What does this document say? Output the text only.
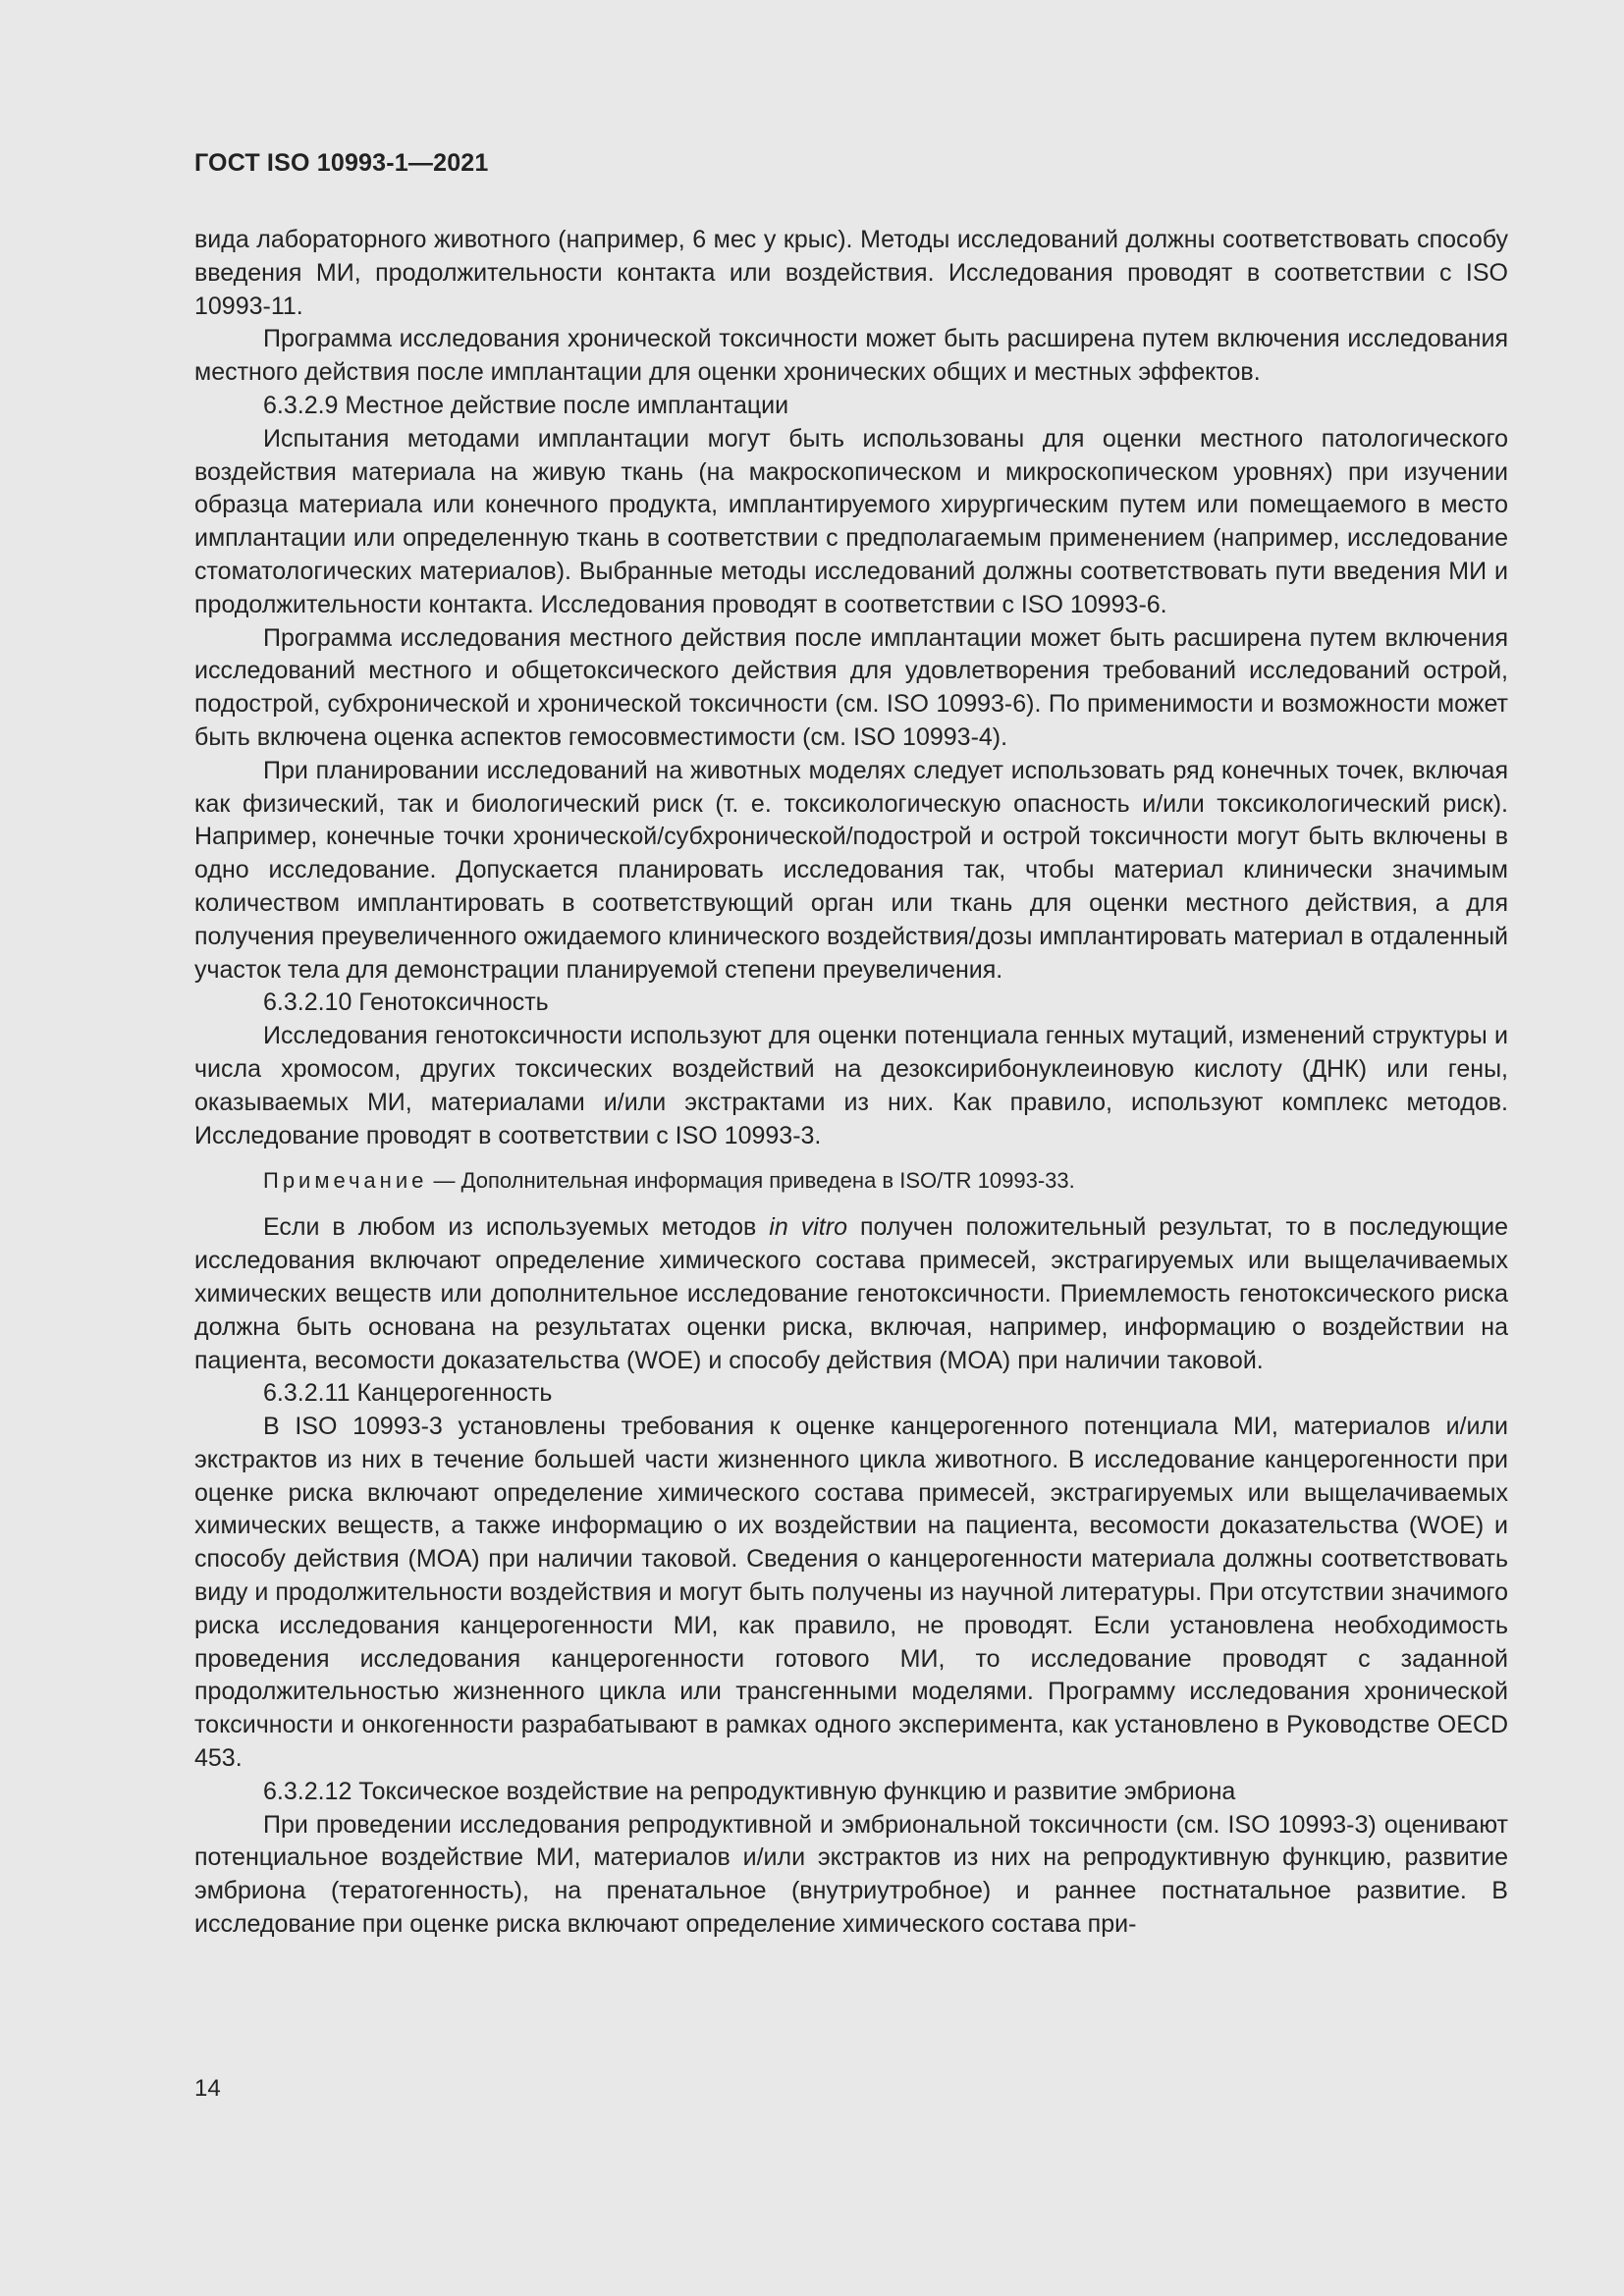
ГОСТ ISO 10993-1—2021

вида лабораторного животного (например, 6 мес у крыс). Методы исследований должны соответствовать способу введения МИ, продолжительности контакта или воздействия. Исследования проводят в соответствии с ISO 10993-11.

Программа исследования хронической токсичности может быть расширена путем включения исследования местного действия после имплантации для оценки хронических общих и местных эффектов.

6.3.2.9 Местное действие после имплантации

Испытания методами имплантации могут быть использованы для оценки местного патологического воздействия материала на живую ткань (на макроскопическом и микроскопическом уровнях) при изучении образца материала или конечного продукта, имплантируемого хирургическим путем или помещаемого в место имплантации или определенную ткань в соответствии с предполагаемым применением (например, исследование стоматологических материалов). Выбранные методы исследований должны соответствовать пути введения МИ и продолжительности контакта. Исследования проводят в соответствии с ISO 10993-6.

Программа исследования местного действия после имплантации может быть расширена путем включения исследований местного и общетоксического действия для удовлетворения требований исследований острой, подострой, субхронической и хронической токсичности (см. ISO 10993-6). По применимости и возможности может быть включена оценка аспектов гемосовместимости (см. ISO 10993-4).

При планировании исследований на животных моделях следует использовать ряд конечных точек, включая как физический, так и биологический риск (т. е. токсикологическую опасность и/или токсикологический риск). Например, конечные точки хронической/субхронической/подострой и острой токсичности могут быть включены в одно исследование. Допускается планировать исследования так, чтобы материал клинически значимым количеством имплантировать в соответствующий орган или ткань для оценки местного действия, а для получения преувеличенного ожидаемого клинического воздействия/дозы имплантировать материал в отдаленный участок тела для демонстрации планируемой степени преувеличения.

6.3.2.10 Генотоксичность

Исследования генотоксичности используют для оценки потенциала генных мутаций, изменений структуры и числа хромосом, других токсических воздействий на дезоксирибонуклеиновую кислоту (ДНК) или гены, оказываемых МИ, материалами и/или экстрактами из них. Как правило, используют комплекс методов. Исследование проводят в соответствии с ISO 10993-3.

Примечание — Дополнительная информация приведена в ISO/TR 10993-33.

Если в любом из используемых методов in vitro получен положительный результат, то в последующие исследования включают определение химического состава примесей, экстрагируемых или выщелачиваемых химических веществ или дополнительное исследование генотоксичности. Приемлемость генотоксического риска должна быть основана на результатах оценки риска, включая, например, информацию о воздействии на пациента, весомости доказательства (WOE) и способу действия (МОА) при наличии таковой.

6.3.2.11 Канцерогенность

В ISO 10993-3 установлены требования к оценке канцерогенного потенциала МИ, материалов и/или экстрактов из них в течение большей части жизненного цикла животного. В исследование канцерогенности при оценке риска включают определение химического состава примесей, экстрагируемых или выщелачиваемых химических веществ, а также информацию о их воздействии на пациента, весомости доказательства (WOE) и способу действия (МОА) при наличии таковой. Сведения о канцерогенности материала должны соответствовать виду и продолжительности воздействия и могут быть получены из научной литературы. При отсутствии значимого риска исследования канцерогенности МИ, как правило, не проводят. Если установлена необходимость проведения исследования канцерогенности готового МИ, то исследование проводят с заданной продолжительностью жизненного цикла или трансгенными моделями. Программу исследования хронической токсичности и онкогенности разрабатывают в рамках одного эксперимента, как установлено в Руководстве OECD 453.

6.3.2.12 Токсическое воздействие на репродуктивную функцию и развитие эмбриона

При проведении исследования репродуктивной и эмбриональной токсичности (см. ISO 10993-3) оценивают потенциальное воздействие МИ, материалов и/или экстрактов из них на репродуктивную функцию, развитие эмбриона (тератогенность), на пренатальное (внутриутробное) и раннее постнатальное развитие. В исследование при оценке риска включают определение химического состава при-

14
